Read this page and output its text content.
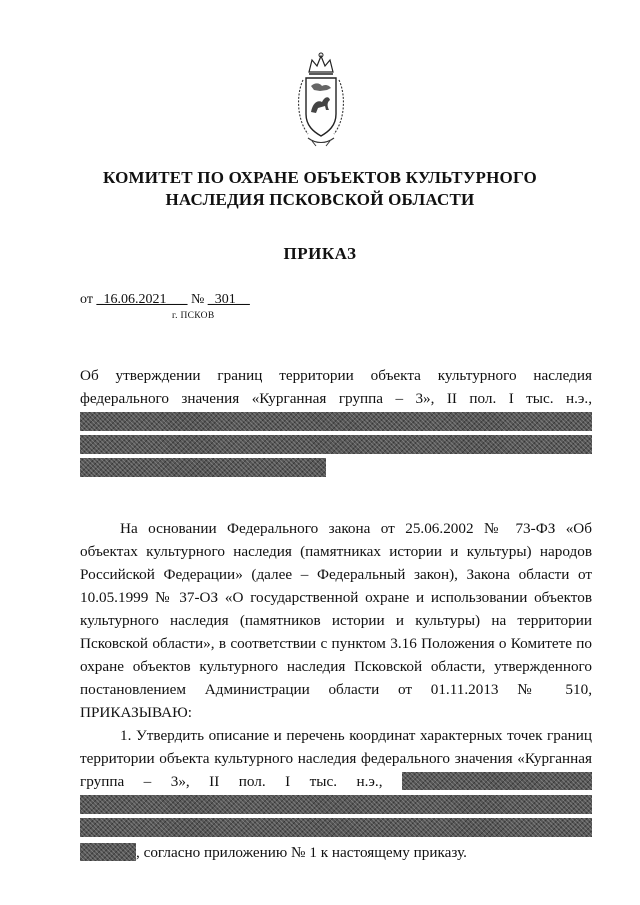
КОМИТЕТ ПО ОХРАНЕ ОБЪЕКТОВ КУЛЬТУРНОГО
НАСЛЕДИЯ ПСКОВСКОЙ ОБЛАСТИ
ПРИКАЗ
от _16.06.2021___ № _301__
г. ПСКОВ

Об утверждении границ территории объекта культурного наследия федерального значения «Курганная группа – 3», II пол. I тыс. н.э.,

На основании Федерального закона от 25.06.2002 № 73-ФЗ «Об объектах культурного наследия (памятниках истории и культуры) народов Российской Федерации» (далее – Федеральный закон), Закона области от 10.05.1999 № 37-ОЗ «О государственной охране и использовании объектов культурного наследия (памятников истории и культуры) на территории Псковской области», в соответствии с пунктом 3.16 Положения о Комитете по охране объектов культурного наследия Псковской области, утвержденного постановлением Администрации области от 01.11.2013 № 510, ПРИКАЗЫВАЮ:

1. Утвердить описание и перечень координат характерных точек границ территории объекта культурного наследия федерального значения «Курганная группа – 3», II пол. I тыс. н.э.,

, согласно приложению № 1 к настоящему приказу.
